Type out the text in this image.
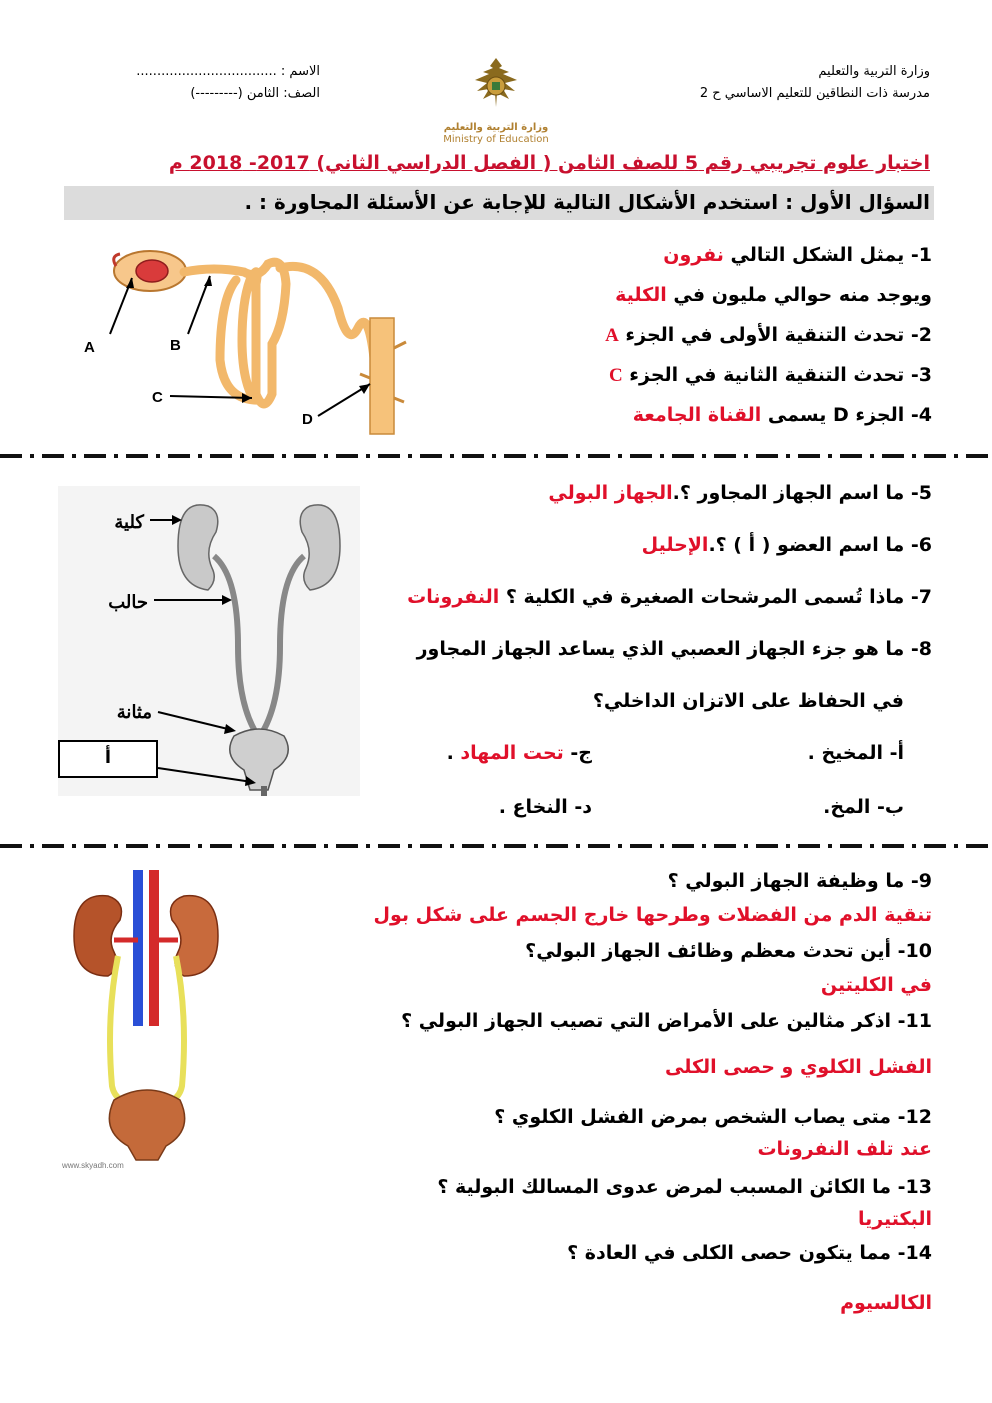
وزارة التربية والتعليم
مدرسة ذات النطاقين للتعليم الاساسي ح 2
الاسم : ..................................
الصف: الثامن (---------)
وزارة التربية والتعليم
Ministry of Education
اختبار علوم تجريبي رقم 5 للصف الثامن ( الفصل الدراسي الثاني) 2017- 2018 م
السؤال الأول : استخدم الأشكال التالية للإجابة عن الأسئلة المجاورة : .
A	B
C
D
1- يمثل الشكل التالي نفرون
ويوجد منه حوالي مليون في الكلية
2- تحدث التنقية الأولى في الجزء A
3- تحدث التنقية الثانية في الجزء C
4- الجزء D يسمى القناة الجامعة
كلية
حالب
مثانة
أ
5- ما اسم الجهاز المجاور ؟.الجهاز البولي
6- ما اسم العضو ( أ ) ؟.الإحليل
7- ماذا تُسمى المرشحات الصغيرة في الكلية ؟ النفرونات
8- ما هو جزء الجهاز العصبي الذي يساعد الجهاز المجاور
في الحفاظ على الاتزان الداخلي؟
أ- المخيخ .
ج- تحت المهاد .
ب- المخ.
د- النخاع .
www.skyadh.com
9- ما وظيفة الجهاز البولي ؟
تنقية الدم من الفضلات وطرحها خارج الجسم على شكل بول
10- أين تحدث معظم وظائف الجهاز البولي؟
في الكليتين
11- اذكر مثالين على الأمراض التي تصيب الجهاز البولي ؟
الفشل الكلوي و حصى الكلى
12- متى يصاب الشخص بمرض الفشل الكلوي ؟
عند تلف النفرونات
13- ما الكائن المسبب لمرض عدوى المسالك البولية ؟
البكتيريا
14- مما يتكون حصى الكلى في العادة ؟
الكالسيوم
